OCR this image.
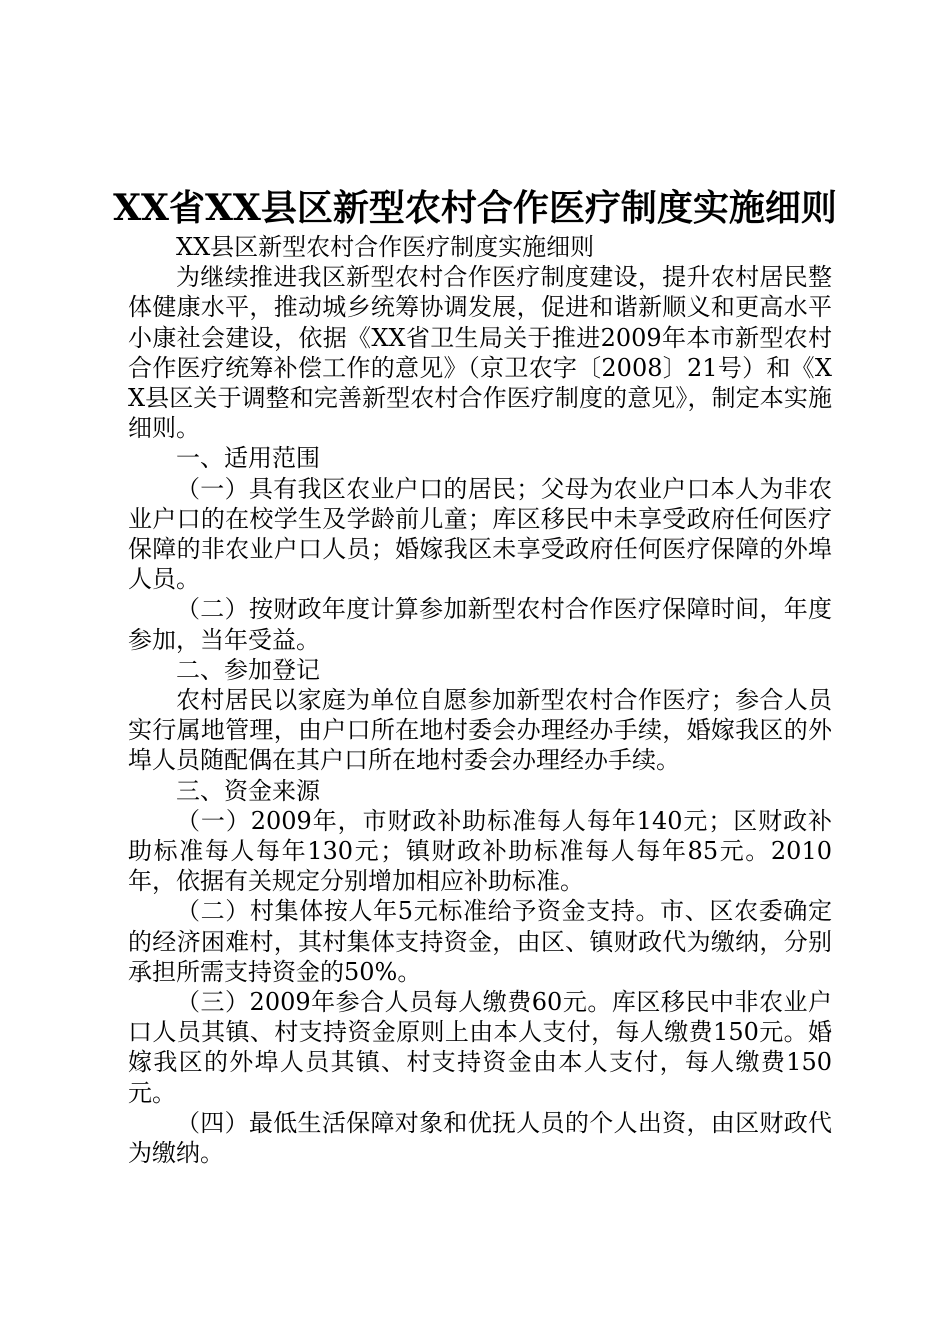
XX省XX县区新型农村合作医疗制度实施细则

XX县区新型农村合作医疗制度实施细则

为继续推进我区新型农村合作医疗制度建设，提升农村居民整体健康水平，推动城乡统筹协调发展，促进和谐新顺义和更高水平小康社会建设，依据《XX省卫生局关于推进2009年本市新型农村合作医疗统筹补偿工作的意见》（京卫农字〔2008〕21号）和《XX县区关于调整和完善新型农村合作医疗制度的意见》，制定本实施细则。

一、适用范围

（一）具有我区农业户口的居民；父母为农业户口本人为非农业户口的在校学生及学龄前儿童；库区移民中未享受政府任何医疗保障的非农业户口人员；婚嫁我区未享受政府任何医疗保障的外埠人员。

（二）按财政年度计算参加新型农村合作医疗保障时间，年度参加，当年受益。

二、参加登记

农村居民以家庭为单位自愿参加新型农村合作医疗；参合人员实行属地管理，由户口所在地村委会办理经办手续，婚嫁我区的外埠人员随配偶在其户口所在地村委会办理经办手续。

三、资金来源

（一）2009年，市财政补助标准每人每年140元；区财政补助标准每人每年130元；镇财政补助标准每人每年85元。2010年，依据有关规定分别增加相应补助标准。

（二）村集体按人年5元标准给予资金支持。市、区农委确定的经济困难村，其村集体支持资金，由区、镇财政代为缴纳，分别承担所需支持资金的50%。

（三）2009年参合人员每人缴费60元。库区移民中非农业户口人员其镇、村支持资金原则上由本人支付，每人缴费150元。婚嫁我区的外埠人员其镇、村支持资金由本人支付，每人缴费150元。

（四）最低生活保障对象和优抚人员的个人出资，由区财政代为缴纳。
